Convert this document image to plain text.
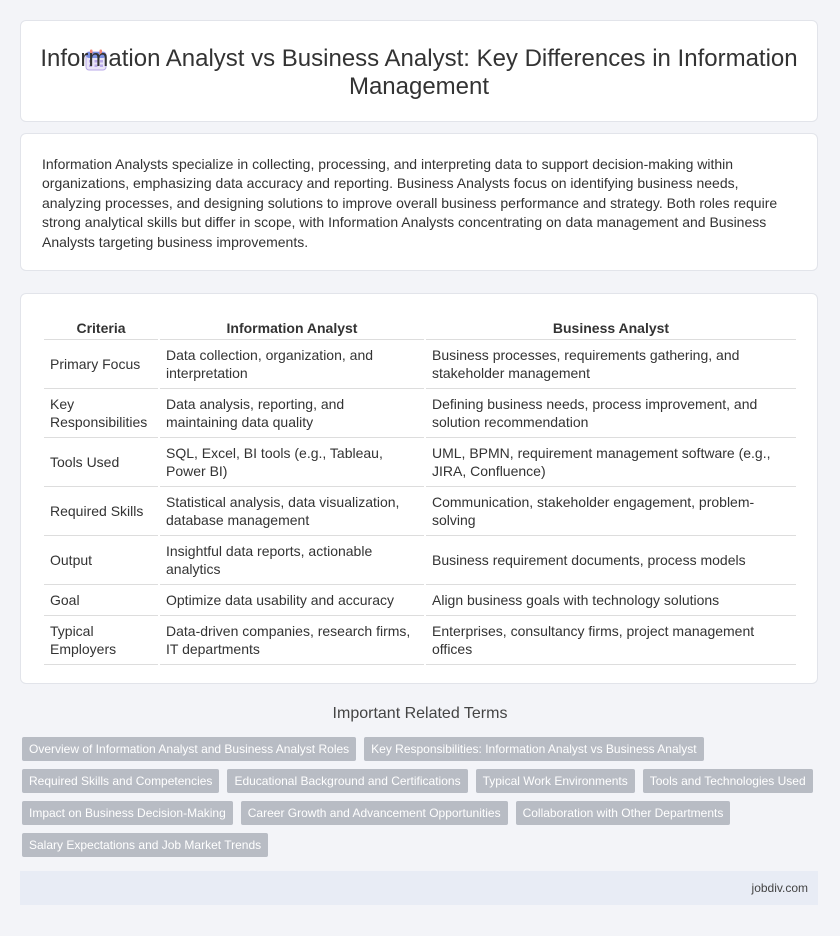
Information Analyst vs Business Analyst: Key Differences in Information Management
Information Analysts specialize in collecting, processing, and interpreting data to support decision-making within organizations, emphasizing data accuracy and reporting. Business Analysts focus on identifying business needs, analyzing processes, and designing solutions to improve overall business performance and strategy. Both roles require strong analytical skills but differ in scope, with Information Analysts concentrating on data management and Business Analysts targeting business improvements.
Criteria	Information Analyst	Business Analyst
Primary Focus	Data collection, organization, and interpretation	Business processes, requirements gathering, and stakeholder management
Key Responsibilities	Data analysis, reporting, and maintaining data quality	Defining business needs, process improvement, and solution recommendation
Tools Used	SQL, Excel, BI tools (e.g., Tableau, Power BI)	UML, BPMN, requirement management software (e.g., JIRA, Confluence)
Required Skills	Statistical analysis, data visualization, database management	Communication, stakeholder engagement, problem-solving
Output	Insightful data reports, actionable analytics	Business requirement documents, process models
Goal	Optimize data usability and accuracy	Align business goals with technology solutions
Typical Employers	Data-driven companies, research firms, IT departments	Enterprises, consultancy firms, project management offices
Important Related Terms
Overview of Information Analyst and Business Analyst Roles	Key Responsibilities: Information Analyst vs Business Analyst
Required Skills and Competencies	Educational Background and Certifications	Typical Work Environments	Tools and Technologies Used
Impact on Business Decision-Making	Career Growth and Advancement Opportunities	Collaboration with Other Departments
Salary Expectations and Job Market Trends
jobdiv.com
